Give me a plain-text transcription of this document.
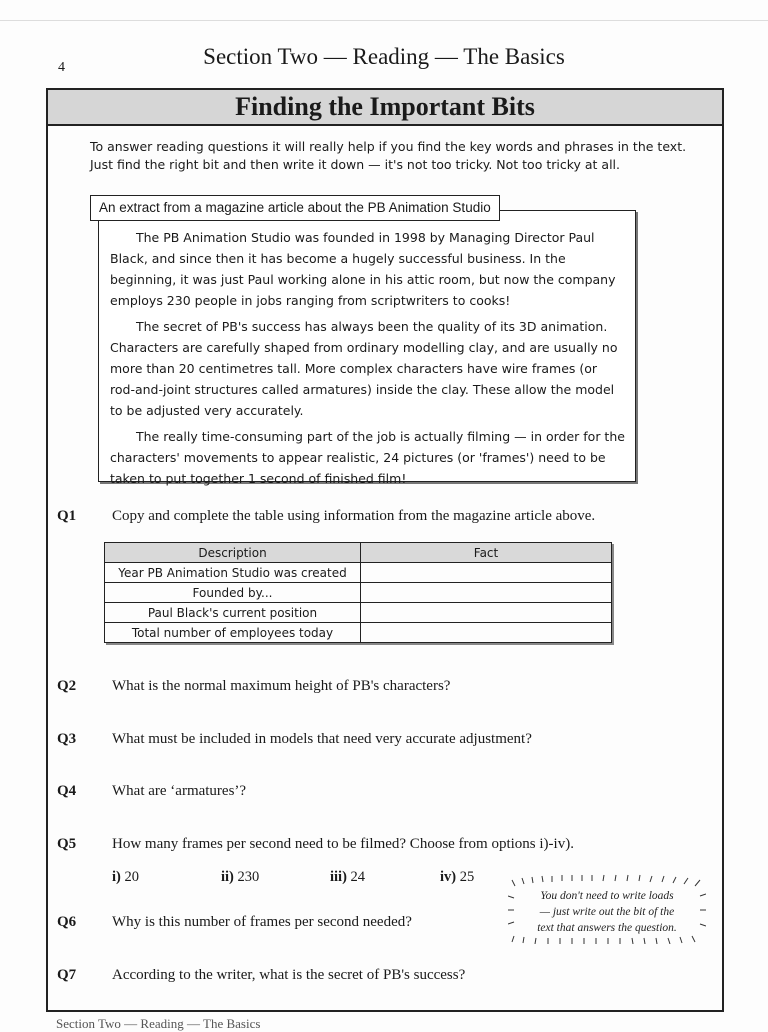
4	Section Two — Reading — The Basics
Finding the Important Bits

To answer reading questions it will really help if you find the key words and phrases in the text.

Just find the right bit and then write it down — it's not too tricky. Not too tricky at all.

An extract from a magazine article about the PB Animation Studio

The PB Animation Studio was founded in 1998 by Managing Director Paul Black, and since then it has become a hugely successful business. In the beginning, it was just Paul working alone in his attic room, but now the company employs 230 people in jobs ranging from scriptwriters to cooks!

The secret of PB's success has always been the quality of its 3D animation. Characters are carefully shaped from ordinary modelling clay, and are usually no more than 20 centimetres tall. More complex characters have wire frames (or rod-and-joint structures called armatures) inside the clay. These allow the model to be adjusted very accurately.

The really time-consuming part of the job is actually filming — in order for the characters' movements to appear realistic, 24 pictures (or 'frames') need to be taken to put together 1 second of finished film!

Q1 Copy and complete the table using information from the magazine article above.
Description	Fact
Year PB Animation Studio was created	
Founded by...	
Paul Black's current position	
Total number of employees today	
Q2 What is the normal maximum height of PB's characters?
Q3 What must be included in models that need very accurate adjustment?
Q4 What are ‘armatures’?
Q5 How many frames per second need to be filmed? Choose from options i)-iv).
i) 20	ii) 230	iii) 24	iv) 25
You don't need to write loads
— just write out the bit of the
text that answers the question.
Q6 Why is this number of frames per second needed?
Q7 According to the writer, what is the secret of PB's success?
Section Two — Reading — The Basics
